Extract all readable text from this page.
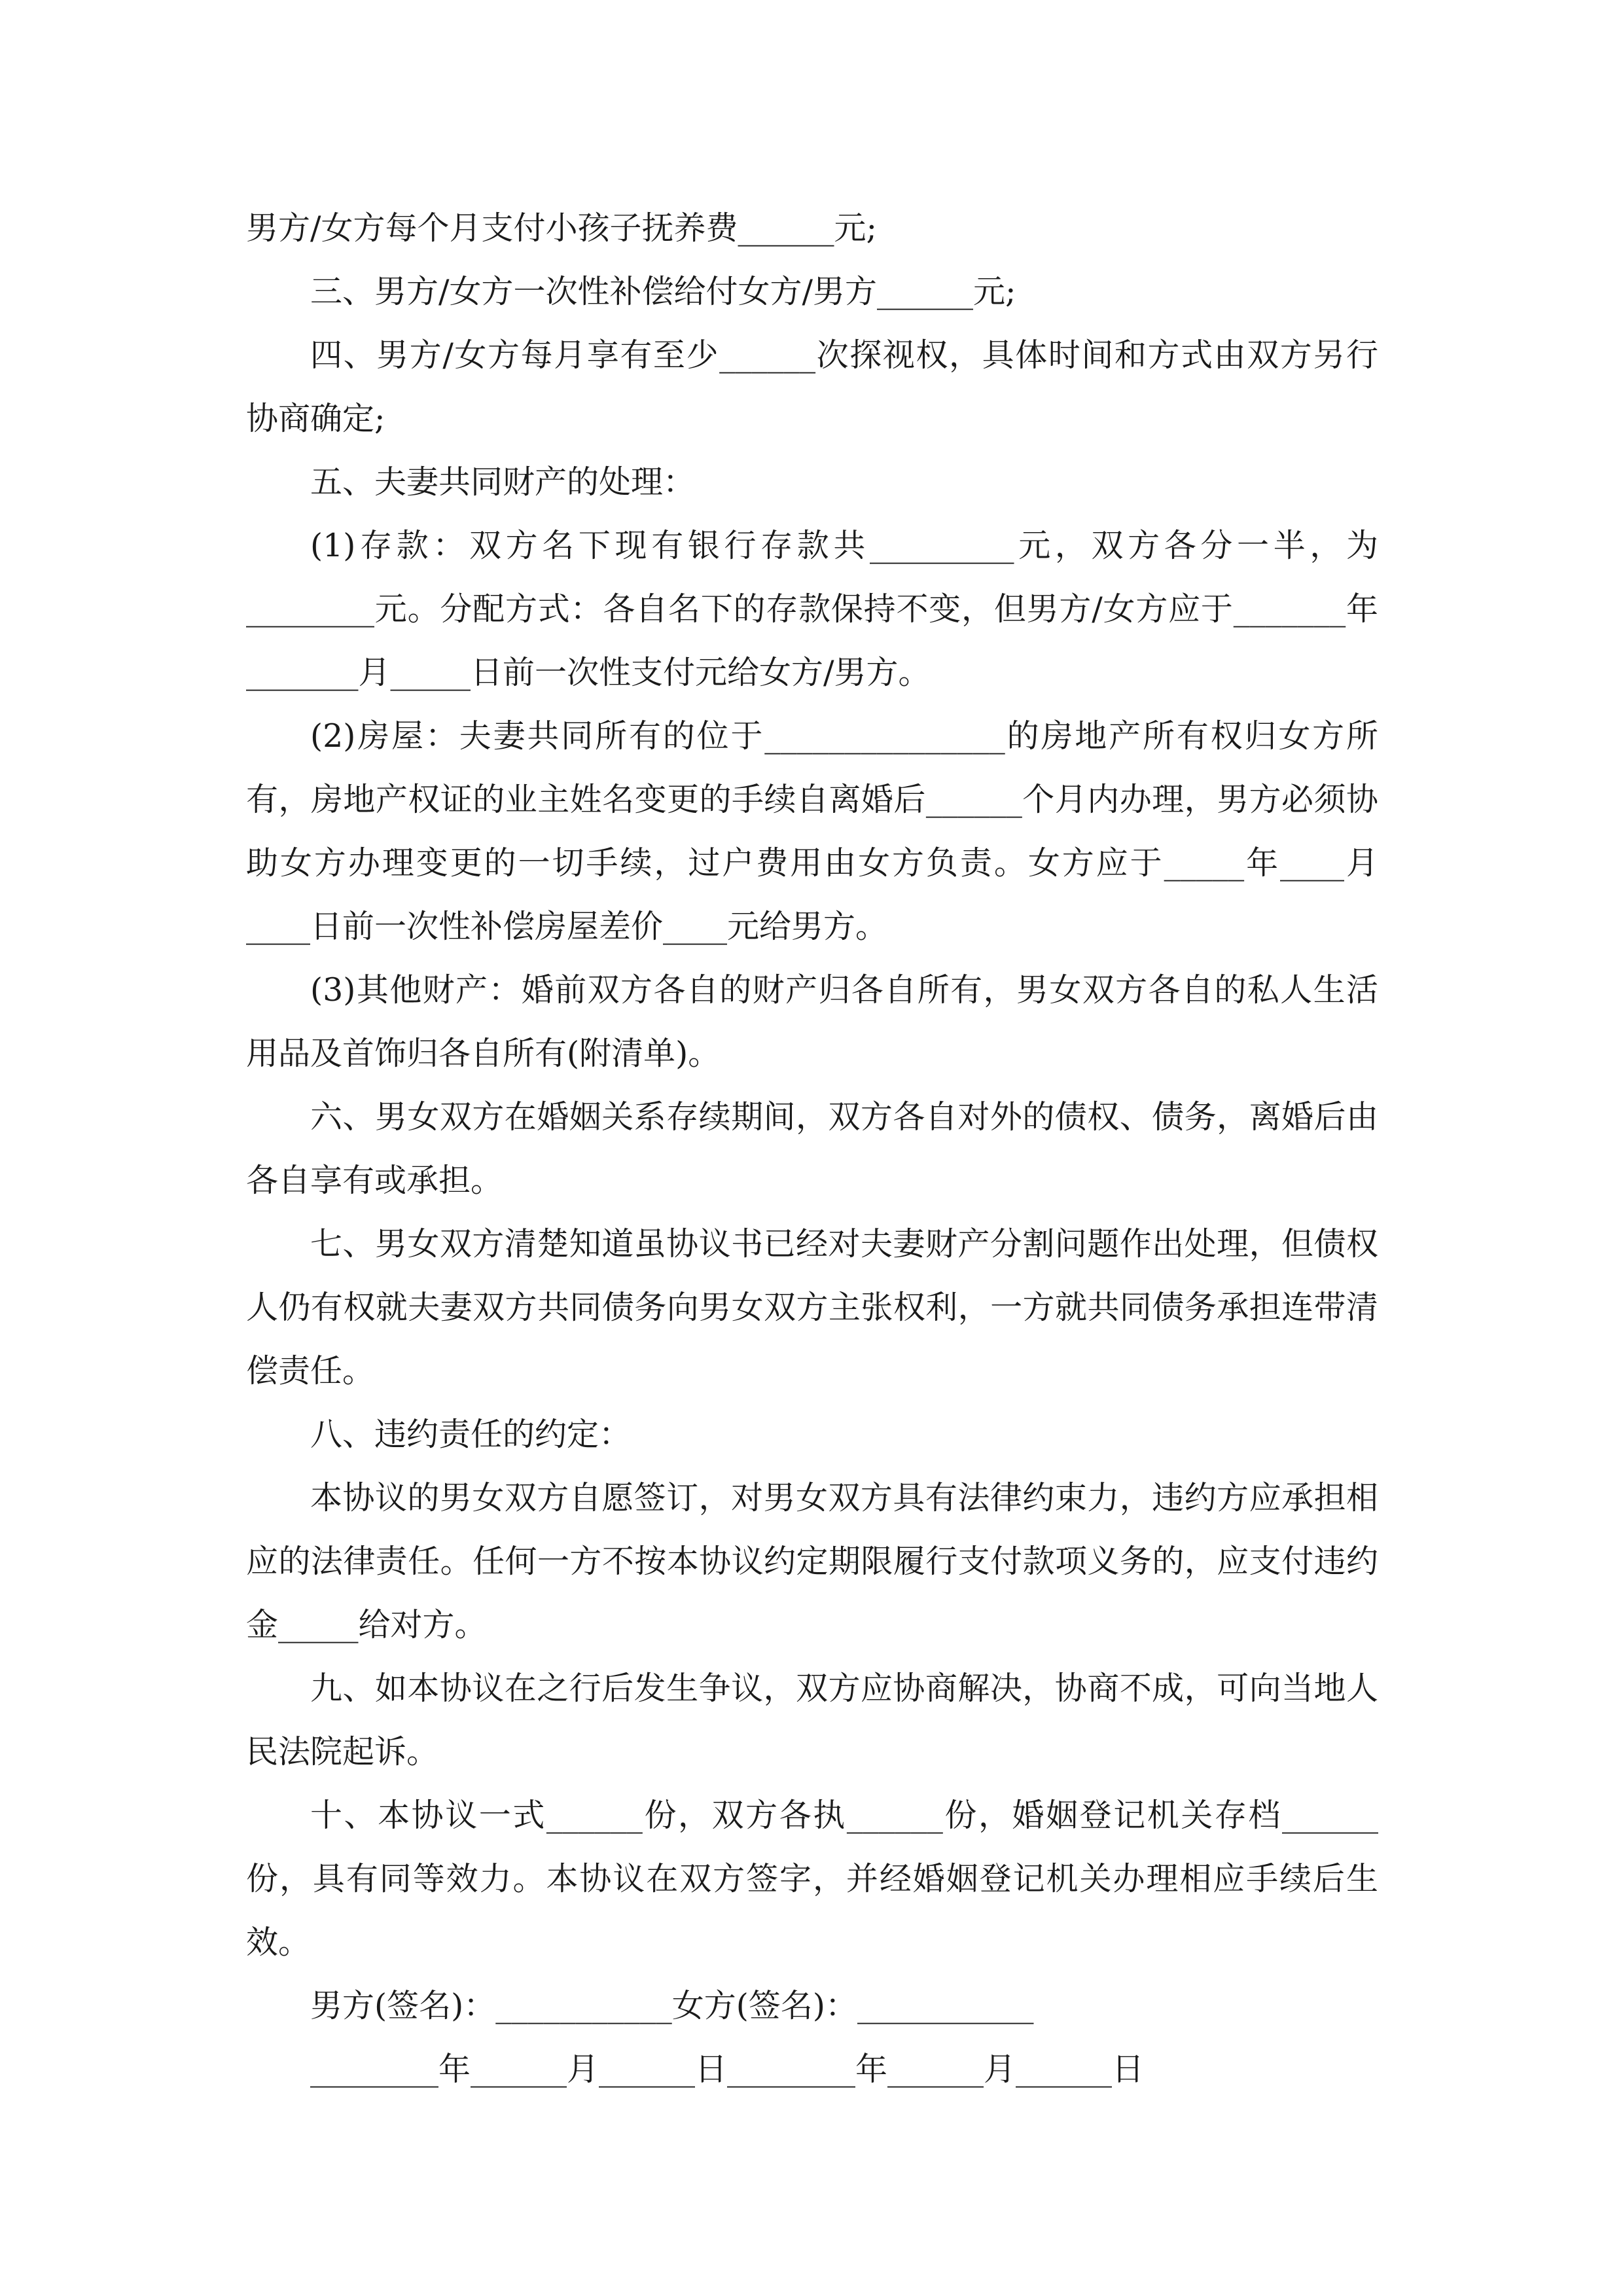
男方/女方每个月支付小孩子抚养费______元;

三、男方/女方一次性补偿给付女方/男方______元;

四、男方/女方每月享有至少______次探视权，具体时间和方式由双方另行协商确定;

五、夫妻共同财产的处理：

(1)存款：双方名下现有银行存款共_________元，双方各分一半，为________元。分配方式：各自名下的存款保持不变，但男方/女方应于_______年_______月_____日前一次性支付元给女方/男方。

(2)房屋：夫妻共同所有的位于_______________的房地产所有权归女方所有，房地产权证的业主姓名变更的手续自离婚后______个月内办理，男方必须协助女方办理变更的一切手续，过户费用由女方负责。女方应于_____年____月____日前一次性补偿房屋差价____元给男方。

(3)其他财产：婚前双方各自的财产归各自所有，男女双方各自的私人生活用品及首饰归各自所有(附清单)。

六、男女双方在婚姻关系存续期间，双方各自对外的债权、债务，离婚后由各自享有或承担。

七、男女双方清楚知道虽协议书已经对夫妻财产分割问题作出处理，但债权人仍有权就夫妻双方共同债务向男女双方主张权利，一方就共同债务承担连带清偿责任。

八、违约责任的约定：

本协议的男女双方自愿签订，对男女双方具有法律约束力，违约方应承担相应的法律责任。任何一方不按本协议约定期限履行支付款项义务的，应支付违约金_____给对方。

九、如本协议在之行后发生争议，双方应协商解决，协商不成，可向当地人民法院起诉。

十、本协议一式______份，双方各执______份，婚姻登记机关存档______份，具有同等效力。本协议在双方签字，并经婚姻登记机关办理相应手续后生效。

男方(签名)：___________女方(签名)：___________

________年______月______日________年______月______日
